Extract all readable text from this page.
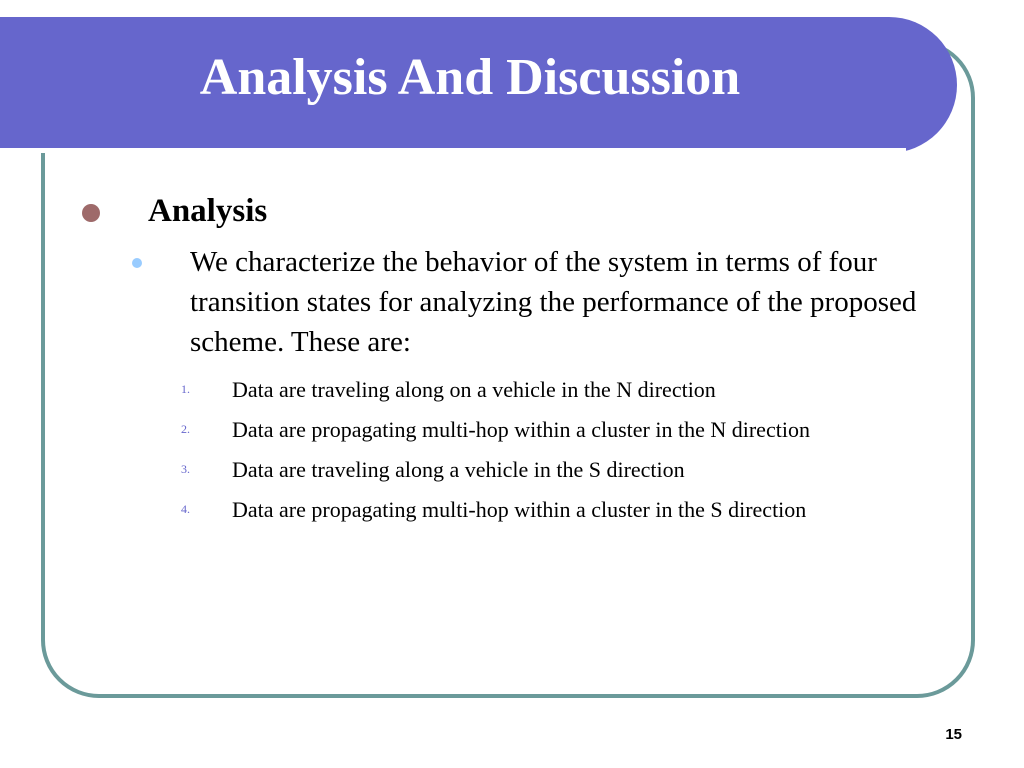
Analysis And Discussion
Analysis
We characterize the behavior of the system in terms of four transition states for analyzing the performance of the proposed scheme. These are:
1. Data are traveling along on a vehicle in the N direction
2. Data are propagating multi-hop within a cluster in the N direction
3. Data are traveling along a vehicle in the S direction
4. Data are propagating multi-hop within a cluster in the S direction
15
